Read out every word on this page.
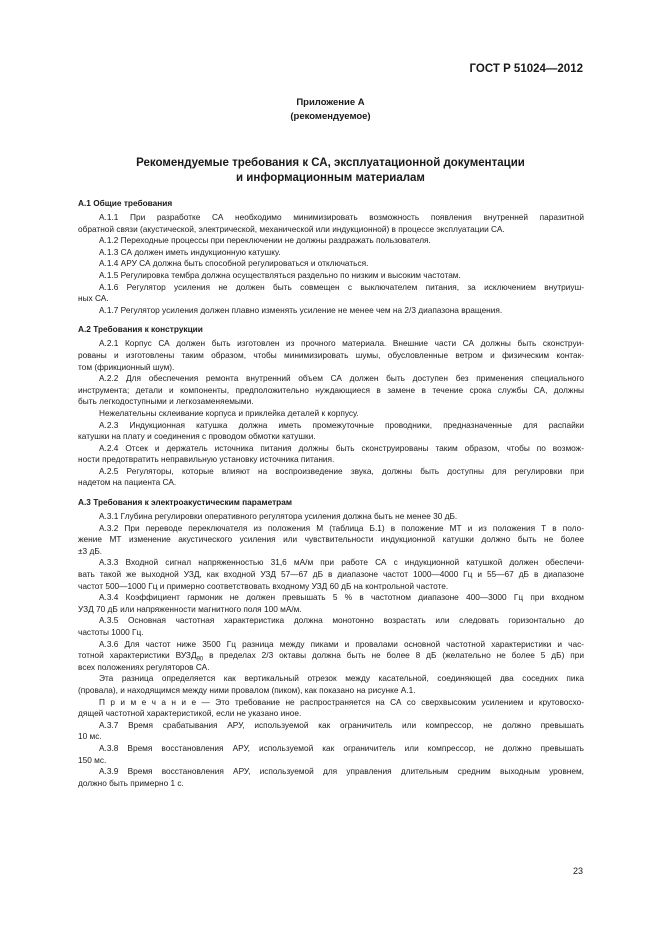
ГОСТ Р 51024—2012
Приложение А
(рекомендуемое)
Рекомендуемые требования к СА, эксплуатационной документации
и информационным материалам
А.1 Общие требования
А.1.1 При разработке СА необходимо минимизировать возможность появления внутренней паразитной
обратной связи (акустической, электрической, механической или индукционной) в процессе эксплуатации СА.
А.1.2 Переходные процессы при переключении не должны раздражать пользователя.
А.1.3 СА должен иметь индукционную катушку.
А.1.4 АРУ СА должна быть способной регулироваться и отключаться.
А.1.5 Регулировка тембра должна осуществляться раздельно по низким и высоким частотам.
А.1.6 Регулятор усиления не должен быть совмещен с выключателем питания, за исключением внутриуш-
ных СА.
А.1.7 Регулятор усиления должен плавно изменять усиление не менее чем на 2/3 диапазона вращения.
А.2 Требования к конструкции
А.2.1 Корпус СА должен быть изготовлен из прочного материала. Внешние части СА должны быть сконструи-
рованы и изготовлены таким образом, чтобы минимизировать шумы, обусловленные ветром и физическим контак-
том (фрикционный шум).
А.2.2 Для обеспечения ремонта внутренний объем СА должен быть доступен без применения специального
инструмента; детали и компоненты, предположительно нуждающиеся в замене в течение срока службы СА, должны
быть легкодоступными и легкозаменяемыми.
Нежелательны склеивание корпуса и приклейка деталей к корпусу.
А.2.3 Индукционная катушка должна иметь промежуточные проводники, предназначенные для распайки
катушки на плату и соединения с проводом обмотки катушки.
А.2.4 Отсек и держатель источника питания должны быть сконструированы таким образом, чтобы по возмож-
ности предотвратить неправильную установку источника питания.
А.2.5 Регуляторы, которые влияют на воспроизведение звука, должны быть доступны для регулировки при
надетом на пациента СА.
А.3 Требования к электроакустическим параметрам
А.3.1 Глубина регулировки оперативного регулятора усиления должна быть не менее 30 дБ.
А.3.2 При переводе переключателя из положения М (таблица Б.1) в положение МТ и из положения Т в поло-
жение МТ изменение акустического усиления или чувствительности индукционной катушки должно быть не более
±3 дБ.
А.3.3 Входной сигнал напряженностью 31,6 мА/м при работе СА с индукционной катушкой должен обеспечи-
вать такой же выходной УЗД, как входной УЗД 57—67 дБ в диапазоне частот 1000—4000 Гц и 55—67 дБ в диапазоне
частот 500—1000 Гц и примерно соответствовать входному УЗД 60 дБ на контрольной частоте.
А.3.4 Коэффициент гармоник не должен превышать 5 % в частотном диапазоне 400—3000 Гц при входном
УЗД 70 дБ или напряженности магнитного поля 100 мА/м.
А.3.5 Основная частотная характеристика должна монотонно возрастать или следовать горизонтально до
частоты 1000 Гц.
А.3.6 Для частот ниже 3500 Гц разница между пиками и провалами основной частотной характеристики и час-
тотной характеристики $ВУЗД_{90}$ в пределах 2/3 октавы должна быть не более 8 дБ (желательно не более 5 дБ) при
всех положениях регуляторов СА.
Эта разница определяется как вертикальный отрезок между касательной, соединяющей два соседних пика
(провала), и находящимся между ними провалом (пиком), как показано на рисунке А.1.
П р и м е ч а н и е — Это требование не распространяется на СА со сверхвысоким усилением и крутовосхо-
дящей частотной характеристикой, если не указано иное.
А.3.7 Время срабатывания АРУ, используемой как ограничитель или компрессор, не должно превышать
10 мс.
А.3.8 Время восстановления АРУ, используемой как ограничитель или компрессор, не должно превышать
150 мс.
А.3.9 Время восстановления АРУ, используемой для управления длительным средним выходным уровнем,
должно быть примерно 1 с.
23
